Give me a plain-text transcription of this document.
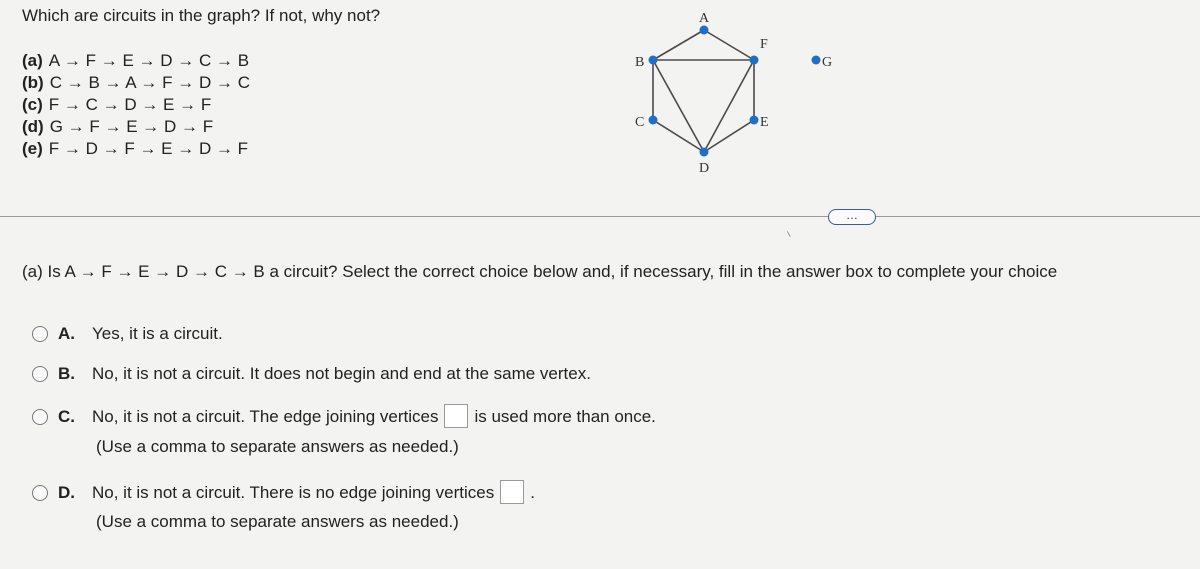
Which are circuits in the graph? If not, why not?
(a) A → F → E → D → C → B
(b) C → B → A → F → D → C
(c) F → C → D → E → F
(d) G → F → E → D → F
(e) F → D → F → E → D → F
A
B
C
D
E
F
G
…
(a) Is A → F → E → D → C → B a circuit? Select the correct choice below and, if necessary, fill in the answer box to complete your choice
A. Yes, it is a circuit.
B. No, it is not a circuit. It does not begin and end at the same vertex.
C. No, it is not a circuit. The edge joining vertices is used more than once.
(Use a comma to separate answers as needed.)
D. No, it is not a circuit. There is no edge joining vertices .
(Use a comma to separate answers as needed.)
